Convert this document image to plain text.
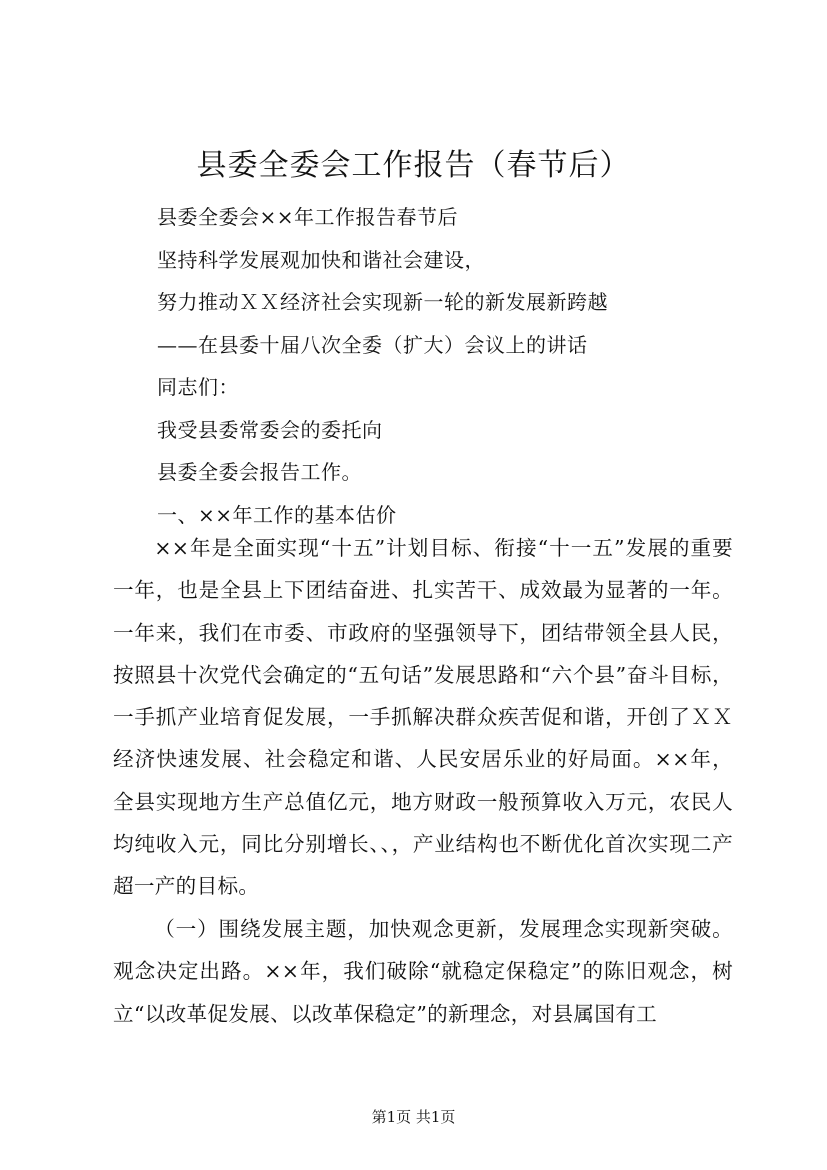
县委全委会工作报告（春节后）
县委全委会××年工作报告春节后
坚持科学发展观加快和谐社会建设，
努力推动ＸＸ经济社会实现新一轮的新发展新跨越
——在县委十届八次全委（扩大）会议上的讲话
同志们：
我受县委常委会的委托向
县委全委会报告工作。
一、××年工作的基本估价

××年是全面实现“十五”计划目标、衔接“十一五”发展的重要一年，也是全县上下团结奋进、扎实苦干、成效最为显著的一年。一年来，我们在市委、市政府的坚强领导下，团结带领全县人民，按照县十次党代会确定的“五句话”发展思路和“六个县”奋斗目标，一手抓产业培育促发展，一手抓解决群众疾苦促和谐，开创了ＸＸ经济快速发展、社会稳定和谐、人民安居乐业的好局面。××年，全县实现地方生产总值亿元，地方财政一般预算收入万元，农民人均纯收入元，同比分别增长、、，产业结构也不断优化首次实现二产超一产的目标。

（一）围绕发展主题，加快观念更新，发展理念实现新突破。观念决定出路。××年，我们破除“就稳定保稳定”的陈旧观念，树立“以改革促发展、以改革保稳定”的新理念，对县属国有工

第1页 共1页
